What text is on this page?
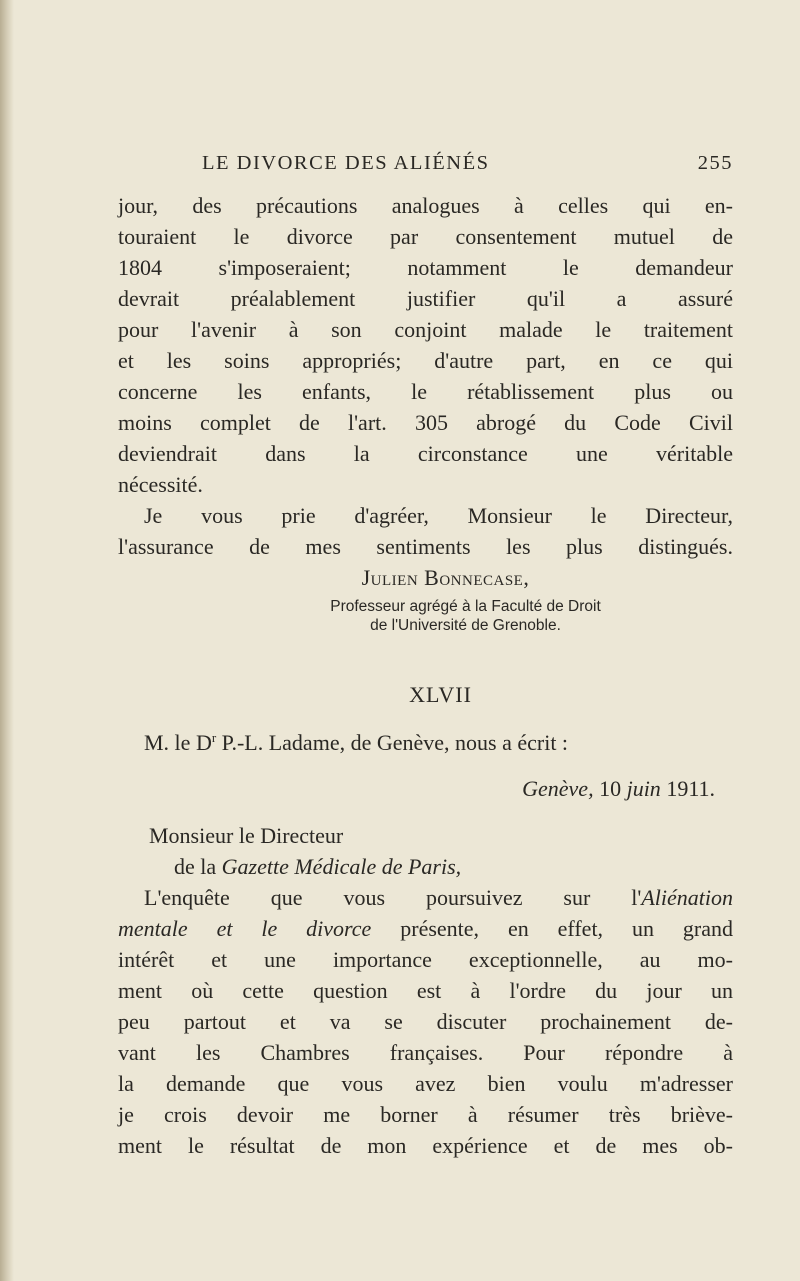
LE DIVORCE DES ALIÉNÉS	255
jour, des précautions analogues à celles qui en-
touraient le divorce par consentement mutuel de
1804 s'imposeraient; notamment le demandeur
devrait préalablement justifier qu'il a assuré
pour l'avenir à son conjoint malade le traitement
et les soins appropriés; d'autre part, en ce qui
concerne les enfants, le rétablissement plus ou
moins complet de l'art. 305 abrogé du Code Civil
deviendrait dans la circonstance une véritable
nécessité.
Je vous prie d'agréer, Monsieur le Directeur,
l'assurance de mes sentiments les plus distingués.
Julien Bonnecase,
Professeur agrégé à la Faculté de Droit
de l'Université de Grenoble.
XLVII
M. le $D^r$ P.-L. Ladame, de Genève, nous a écrit :
Genève, 10 juin 1911.
Monsieur le Directeur
de la Gazette Médicale de Paris,
L'enquête que vous poursuivez sur l'Aliénation
mentale et le divorce présente, en effet, un grand
intérêt et une importance exceptionnelle, au mo-
ment où cette question est à l'ordre du jour un
peu partout et va se discuter prochainement de-
vant les Chambres françaises. Pour répondre à
la demande que vous avez bien voulu m'adresser
je crois devoir me borner à résumer très briève-
ment le résultat de mon expérience et de mes ob-
